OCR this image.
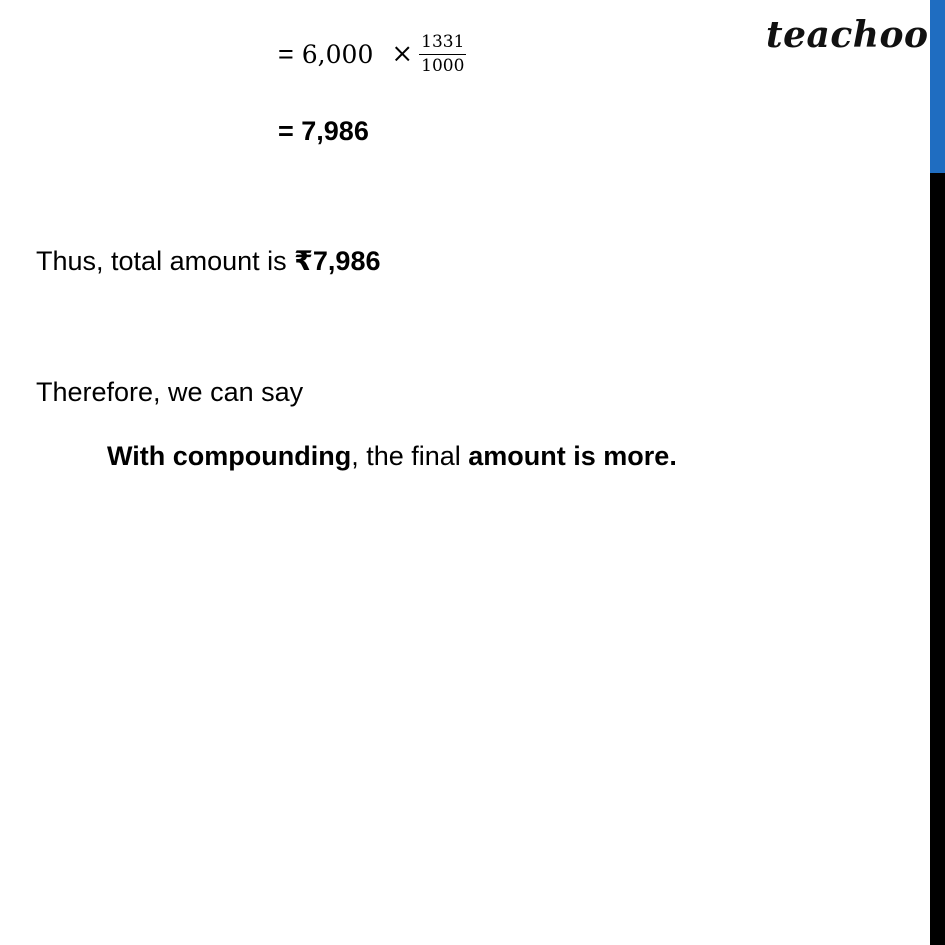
teachoo
= $6,000 \times \frac{1331}{1000}$
= 7,986
Thus, total amount is ₹7,986
Therefore, we can say
With compounding, the final amount is more.
